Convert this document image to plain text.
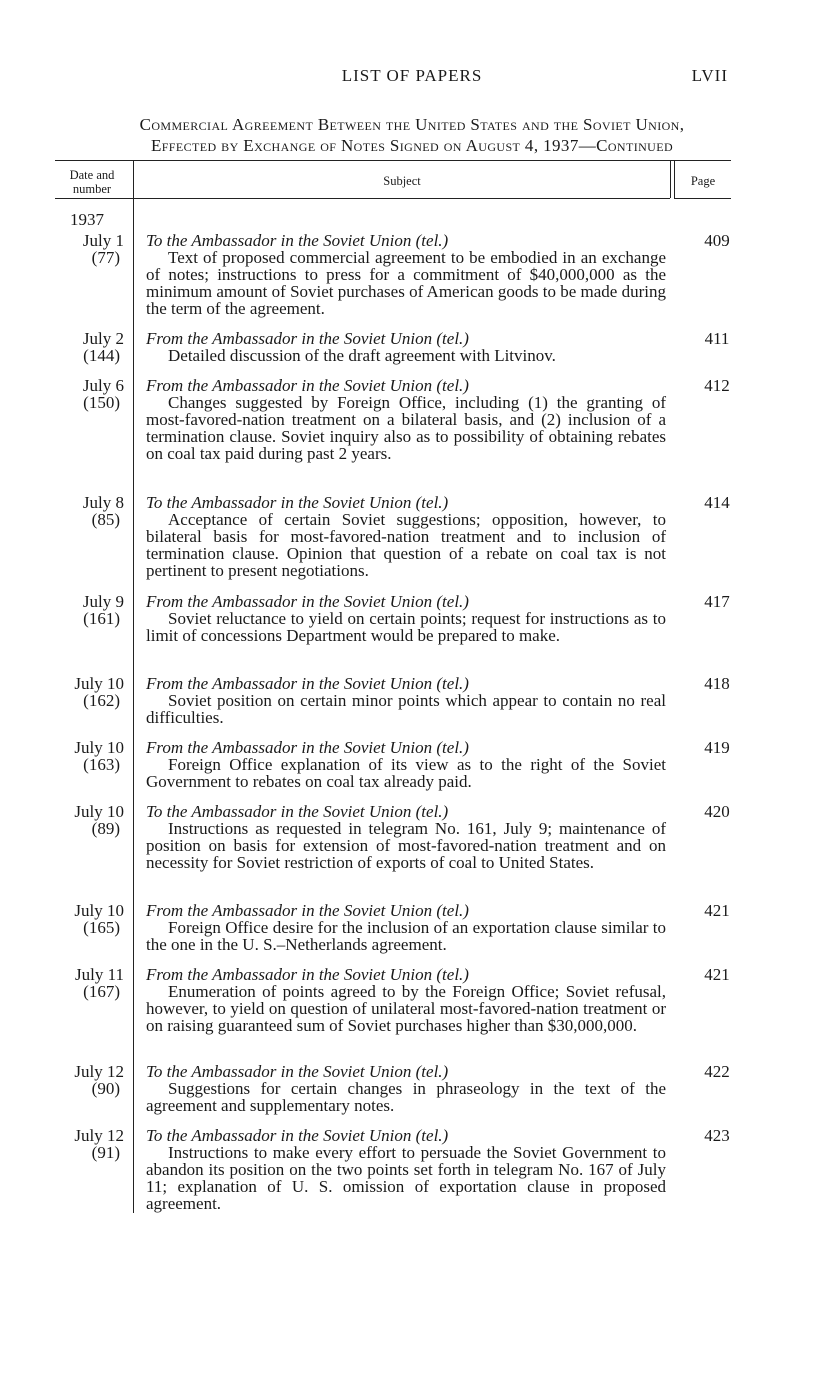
LIST OF PAPERS	LVII
Commercial Agreement Between the United States and the Soviet Union,
Effected by Exchange of Notes Signed on August 4, 1937—Continued
Date and
number
Subject	Page
1937
July 1
(77)
To the Ambassador in the Soviet Union (tel.)
Text of proposed commercial agreement to be embodied in an exchange of notes; instructions to press for a commitment of $40,000,000 as the minimum amount of Soviet purchases of American goods to be made during the term of the agreement.
409
July 2
(144)
From the Ambassador in the Soviet Union (tel.)
Detailed discussion of the draft agreement with Litvinov.
411
July 6
(150)
From the Ambassador in the Soviet Union (tel.)
Changes suggested by Foreign Office, including (1) the granting of most-favored-nation treatment on a bilateral basis, and (2) inclusion of a termination clause. Soviet inquiry also as to possibility of obtaining rebates on coal tax paid during past 2 years.
412
July 8
(85)
To the Ambassador in the Soviet Union (tel.)
Acceptance of certain Soviet suggestions; opposition, however, to bilateral basis for most-favored-nation treatment and to inclusion of termination clause. Opinion that question of a rebate on coal tax is not pertinent to present negotiations.
414
July 9
(161)
From the Ambassador in the Soviet Union (tel.)
Soviet reluctance to yield on certain points; request for instructions as to limit of concessions Department would be prepared to make.
417
July 10
(162)
From the Ambassador in the Soviet Union (tel.)
Soviet position on certain minor points which appear to contain no real difficulties.
418
July 10
(163)
From the Ambassador in the Soviet Union (tel.)
Foreign Office explanation of its view as to the right of the Soviet Government to rebates on coal tax already paid.
419
July 10
(89)
To the Ambassador in the Soviet Union (tel.)
Instructions as requested in telegram No. 161, July 9; maintenance of position on basis for extension of most-favored-nation treatment and on necessity for Soviet restriction of exports of coal to United States.
420
July 10
(165)
From the Ambassador in the Soviet Union (tel.)
Foreign Office desire for the inclusion of an exportation clause similar to the one in the U. S.–Netherlands agreement.
421
July 11
(167)
From the Ambassador in the Soviet Union (tel.)
Enumeration of points agreed to by the Foreign Office; Soviet refusal, however, to yield on question of unilateral most-favored-nation treatment or on raising guaranteed sum of Soviet purchases higher than $30,000,000.
421
July 12
(90)
To the Ambassador in the Soviet Union (tel.)
Suggestions for certain changes in phraseology in the text of the agreement and supplementary notes.
422
July 12
(91)
To the Ambassador in the Soviet Union (tel.)
Instructions to make every effort to persuade the Soviet Government to abandon its position on the two points set forth in telegram No. 167 of July 11; explanation of U. S. omission of exportation clause in proposed agreement.
423
